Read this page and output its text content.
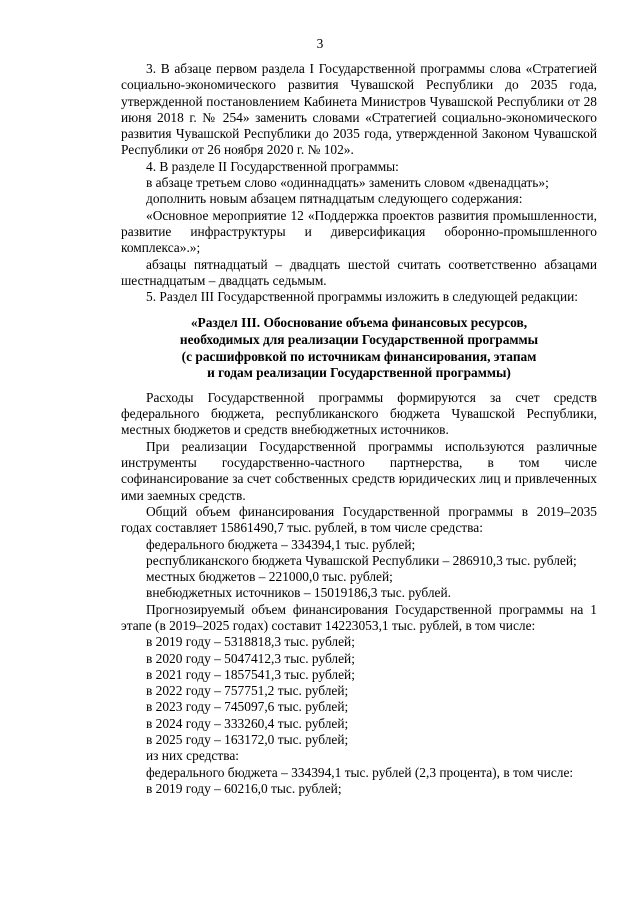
3

3. В абзаце первом раздела I Государственной программы слова «Стратегией социально-экономического развития Чувашской Республики до 2035 года, утвержденной постановлением Кабинета Министров Чувашской Республики от 28 июня 2018 г. № 254» заменить словами «Стратегией социально-экономического развития Чувашской Республики до 2035 года, утвержденной Законом Чувашской Республики от 26 ноября 2020 г. № 102».

4. В разделе II Государственной программы:

в абзаце третьем слово «одиннадцать» заменить словом «двенадцать»;

дополнить новым абзацем пятнадцатым следующего содержания:

«Основное мероприятие 12 «Поддержка проектов развития промышленности, развитие инфраструктуры и диверсификация оборонно-промышленного комплекса».»;

абзацы пятнадцатый – двадцать шестой считать соответственно абзацами шестнадцатым – двадцать седьмым.

5. Раздел III Государственной программы изложить в следующей редакции:

«Раздел III. Обоснование объема финансовых ресурсов,
необходимых для реализации Государственной программы
(с расшифровкой по источникам финансирования, этапам
и годам реализации Государственной программы)

Расходы Государственной программы формируются за счет средств федерального бюджета, республиканского бюджета Чувашской Республики, местных бюджетов и средств внебюджетных источников.

При реализации Государственной программы используются различные инструменты государственно-частного партнерства, в том числе софинансирование за счет собственных средств юридических лиц и привлеченных ими заемных средств.

Общий объем финансирования Государственной программы в 2019–2035 годах составляет 15861490,7 тыс. рублей, в том числе средства:

федерального бюджета – 334394,1 тыс. рублей;

республиканского бюджета Чувашской Республики – 286910,3 тыс. рублей;

местных бюджетов – 221000,0 тыс. рублей;

внебюджетных источников – 15019186,3 тыс. рублей.

Прогнозируемый объем финансирования Государственной программы на 1 этапе (в 2019–2025 годах) составит 14223053,1 тыс. рублей, в том числе:

в 2019 году – 5318818,3 тыс. рублей;

в 2020 году – 5047412,3 тыс. рублей;

в 2021 году – 1857541,3 тыс. рублей;

в 2022 году – 757751,2 тыс. рублей;

в 2023 году – 745097,6 тыс. рублей;

в 2024 году – 333260,4 тыс. рублей;

в 2025 году – 163172,0 тыс. рублей;

из них средства:

федерального бюджета – 334394,1 тыс. рублей (2,3 процента), в том числе:

в 2019 году – 60216,0 тыс. рублей;
